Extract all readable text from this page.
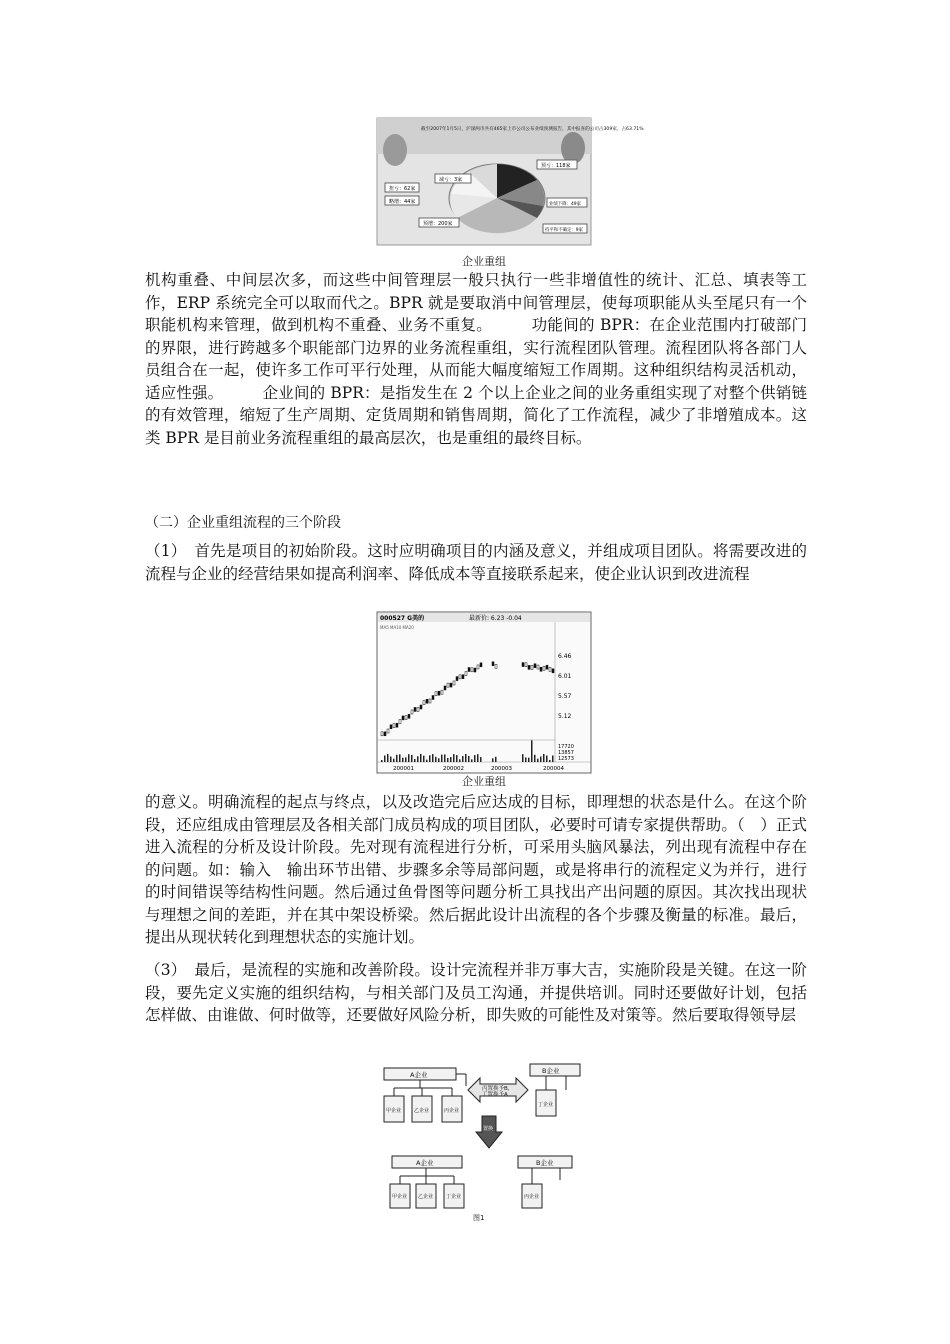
截至2007年1月5日，沪深两市共有465家上市公司公布业绩预测报告，其中报喜的公司占309家，占63.71%
减亏：3家
扭亏：62家
略增：44家
预增：200家
预亏：118家
业绩下降：49家
持平和不确定：9家
企业重组

机构重叠、中间层次多，而这些中间管理层一般只执行一些非增值性的统计、汇总、填表等工作，ERP 系统完全可以取而代之。BPR 就是要取消中间管理层，使每项职能从头至尾只有一个职能机构来管理，做到机构不重叠、业务不重复。　　　功能间的 BPR：在企业范围内打破部门的界限，进行跨越多个职能部门边界的业务流程重组，实行流程团队管理。流程团队将各部门人员组合在一起，使许多工作可平行处理，从而能大幅度缩短工作周期。这种组织结构灵活机动，适应性强。　　　企业间的 BPR：是指发生在 2 个以上企业之间的业务重组实现了对整个供销链的有效管理，缩短了生产周期、定货周期和销售周期，简化了工作流程，减少了非增殖成本。这类 BPR 是目前业务流程重组的最高层次，也是重组的最终目标。

（二）企业重组流程的三个阶段

（1）　首先是项目的初始阶段。这时应明确项目的内涵及意义，并组成项目团队。将需要改进的流程与企业的经营结果如提高利润率、降低成本等直接联系起来，使企业认识到改进流程

000527 G美的	最新价: 6.23 -0.04
MA5 MA10 MA20
6.46
6.01
5.57
5.12
17720
13857
12573
200001	200002	200003	200004
企业重组

的意义。明确流程的起点与终点，以及改造完后应达成的目标，即理想的状态是什么。在这个阶段，还应组成由管理层及各相关部门成员构成的项目团队，必要时可请专家提供帮助。（　）正式进入流程的分析及设计阶段。先对现有流程进行分析，可采用头脑风暴法，列出现有流程中存在的问题。如：输入　输出环节出错、步骤多余等局部问题，或是将串行的流程定义为并行，进行的时间错误等结构性问题。然后通过鱼骨图等问题分析工具找出产出问题的原因。其次找出现状与理想之间的差距，并在其中架设桥梁。然后据此设计出流程的各个步骤及衡量的标准。最后，提出从现状转化到理想状态的实施计划。

（3）　最后，是流程的实施和改善阶段。设计完流程并非万事大吉，实施阶段是关键。在这一阶段，要先定义实施的组织结构，与相关部门及员工沟通，并提供培训。同时还要做好计划，包括怎样做、由谁做、何时做等，还要做好风险分析，即失败的可能性及对策等。然后要取得领导层

A企业	B企业
丙置换予B，
丁置换予A
置换
A企业	B企业
图1
甲企业	乙企业	丙企业
丁企业
甲企业 乙企业	丁企业	丙企业
